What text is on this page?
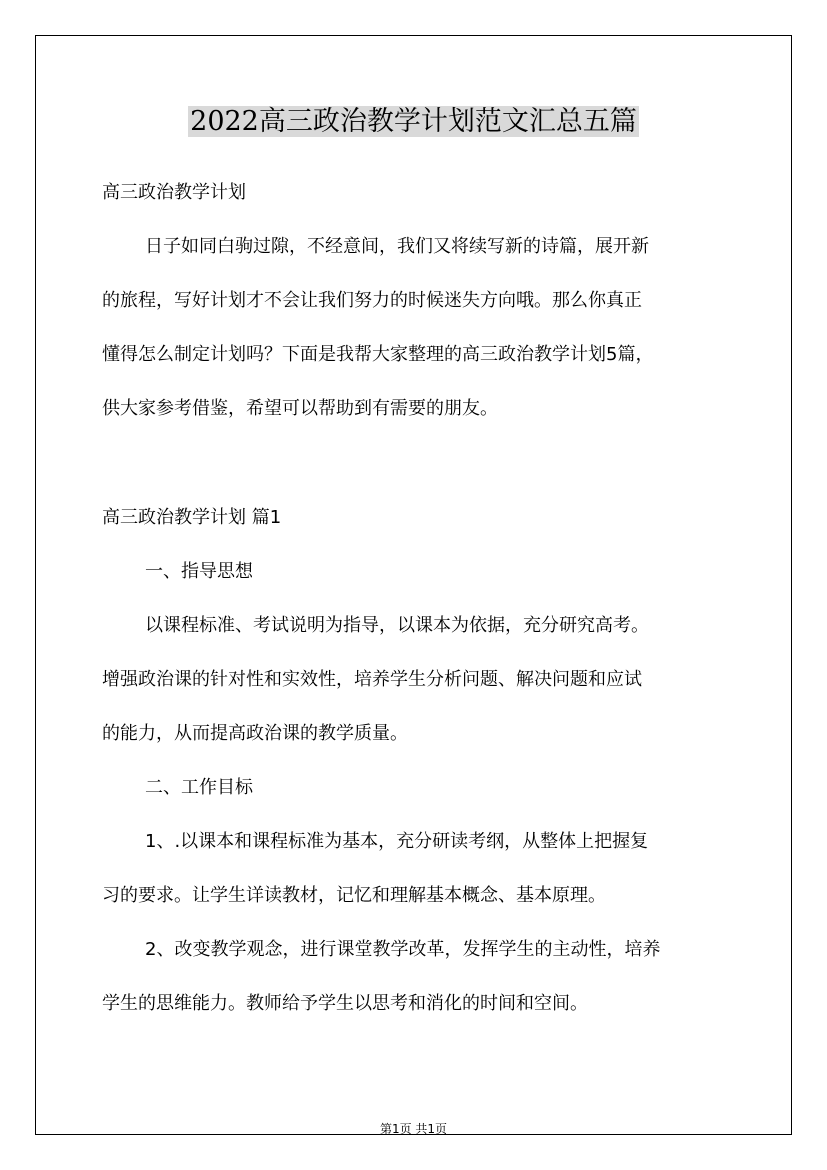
2022高三政治教学计划范文汇总五篇
高三政治教学计划
日子如同白驹过隙，不经意间，我们又将续写新的诗篇，展开新
的旅程，写好计划才不会让我们努力的时候迷失方向哦。那么你真正
懂得怎么制定计划吗？下面是我帮大家整理的高三政治教学计划5篇，
供大家参考借鉴，希望可以帮助到有需要的朋友。
高三政治教学计划 篇1
一、指导思想
以课程标准、考试说明为指导，以课本为依据，充分研究高考。
增强政治课的针对性和实效性，培养学生分析问题、解决问题和应试
的能力，从而提高政治课的教学质量。
二、工作目标
1、.以课本和课程标准为基本，充分研读考纲，从整体上把握复
习的要求。让学生详读教材，记忆和理解基本概念、基本原理。
2、改变教学观念，进行课堂教学改革，发挥学生的主动性，培养
学生的思维能力。教师给予学生以思考和消化的时间和空间。
第1页 共1页
